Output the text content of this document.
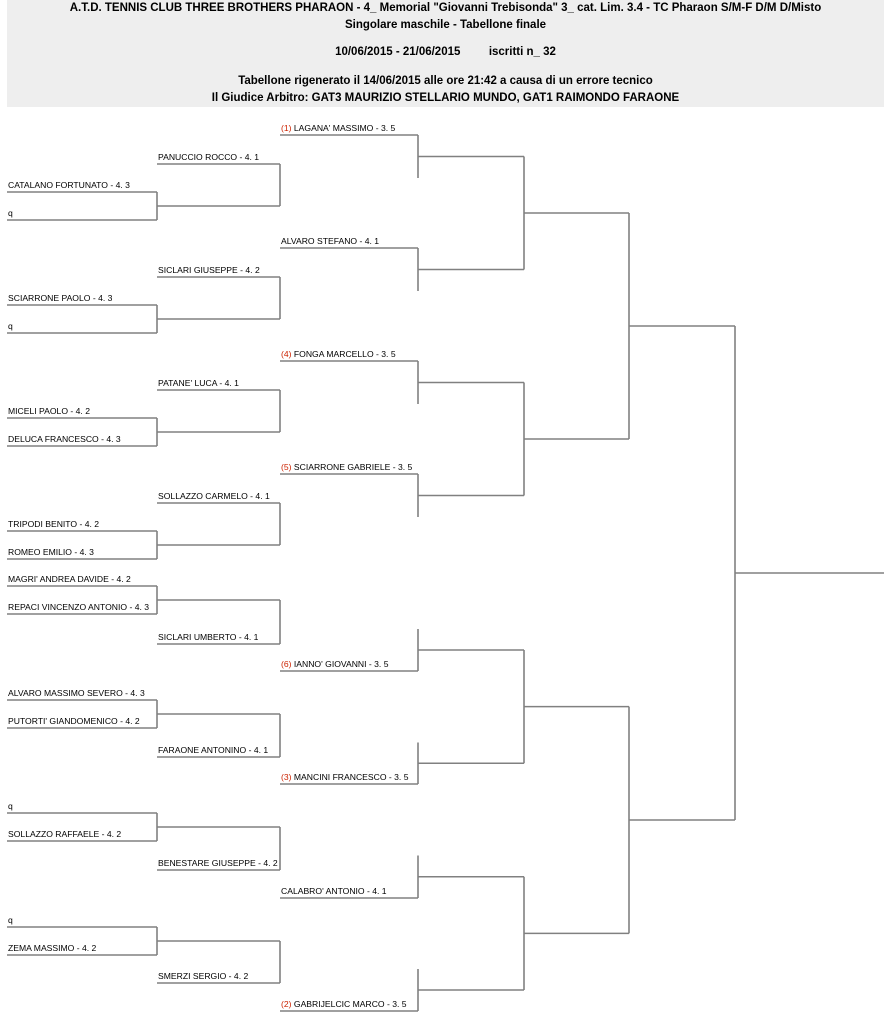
A.T.D. TENNIS CLUB THREE BROTHERS PHARAON - 4_ Memorial "Giovanni Trebisonda" 3_ cat. Lim. 3.4 - TC Pharaon S/M-F D/M D/Misto
Singolare maschile - Tabellone finale
10/06/2015 - 21/06/2015 iscritti n_ 32
Tabellone rigenerato il 14/06/2015 alle ore 21:42 a causa di un errore tecnico
Il Giudice Arbitro: GAT3 MAURIZIO STELLARIO MUNDO, GAT1 RAIMONDO FARAONE
CATALANO FORTUNATO - 4. 3
q
SCIARRONE PAOLO - 4. 3
q
MICELI PAOLO - 4. 2
DELUCA FRANCESCO - 4. 3
TRIPODI BENITO - 4. 2
ROMEO EMILIO - 4. 3
MAGRI' ANDREA DAVIDE - 4. 2
REPACI VINCENZO ANTONIO - 4. 3
ALVARO MASSIMO SEVERO - 4. 3
PUTORTI' GIANDOMENICO - 4. 2
q
SOLLAZZO RAFFAELE - 4. 2
q
ZEMA MASSIMO - 4. 2
PANUCCIO ROCCO - 4. 1
SICLARI GIUSEPPE - 4. 2
PATANE' LUCA - 4. 1
SOLLAZZO CARMELO - 4. 1
SICLARI UMBERTO - 4. 1
FARAONE ANTONINO - 4. 1
BENESTARE GIUSEPPE - 4. 2
SMERZI SERGIO - 4. 2
(1) LAGANA' MASSIMO - 3. 5
ALVARO STEFANO - 4. 1
(4) FONGA MARCELLO - 3. 5
(5) SCIARRONE GABRIELE - 3. 5
(6) IANNO' GIOVANNI - 3. 5
(3) MANCINI FRANCESCO - 3. 5
CALABRO' ANTONIO - 4. 1
(2) GABRIJELCIC MARCO - 3. 5
